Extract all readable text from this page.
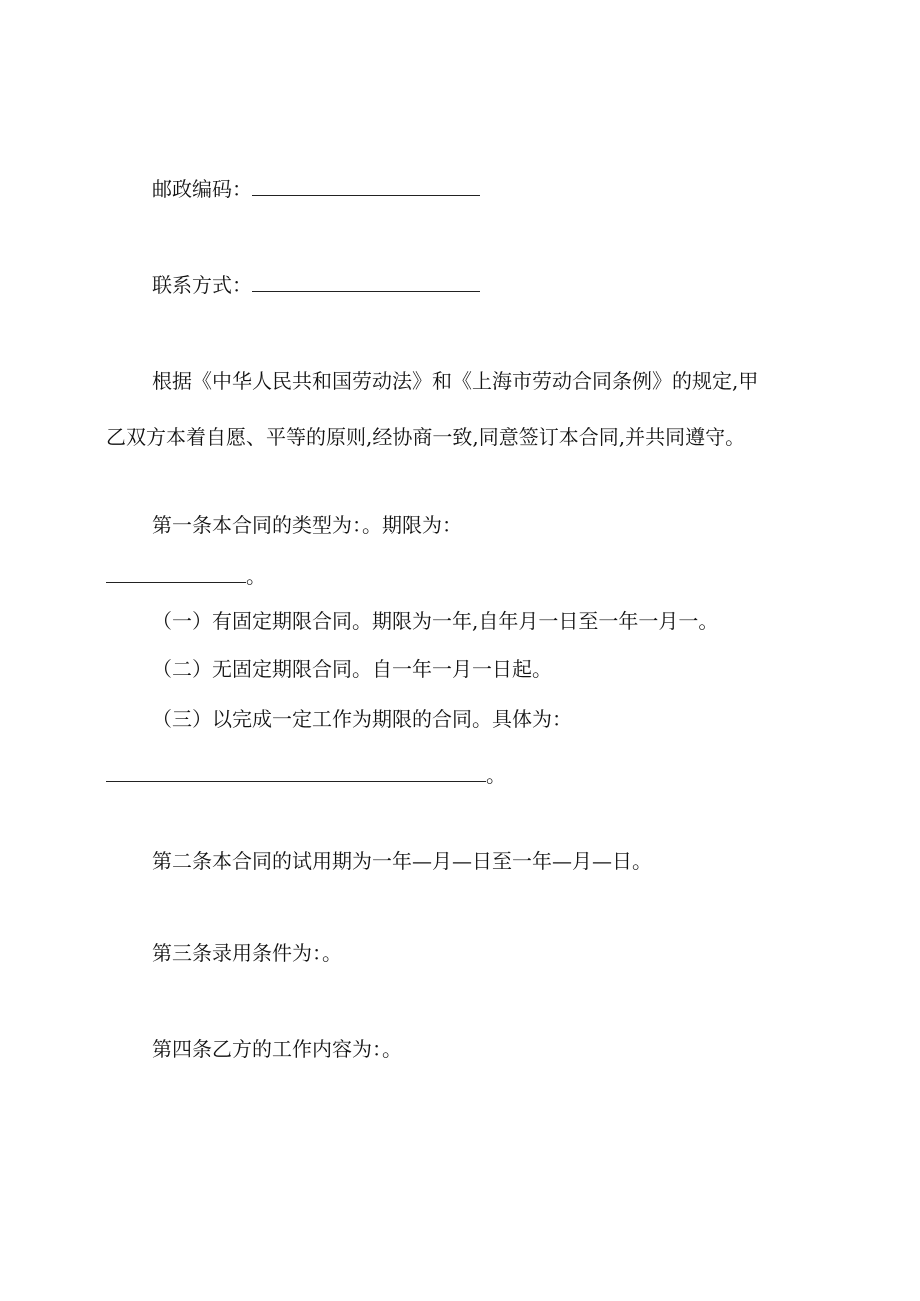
邮政编码：

联系方式：

根据《中华人民共和国劳动法》和《上海市劳动合同条例》的规定,甲

乙双方本着自愿、平等的原则,经协商一致,同意签订本合同,并共同遵守。

第一条本合同的类型为：。期限为：

。

（一）有固定期限合同。期限为一年,自年月一日至一年一月一。

（二）无固定期限合同。自一年一月一日起。

（三）以完成一定工作为期限的合同。具体为：

。

第二条本合同的试用期为一年—月—日至一年—月—日。

第三条录用条件为：。

第四条乙方的工作内容为：。
